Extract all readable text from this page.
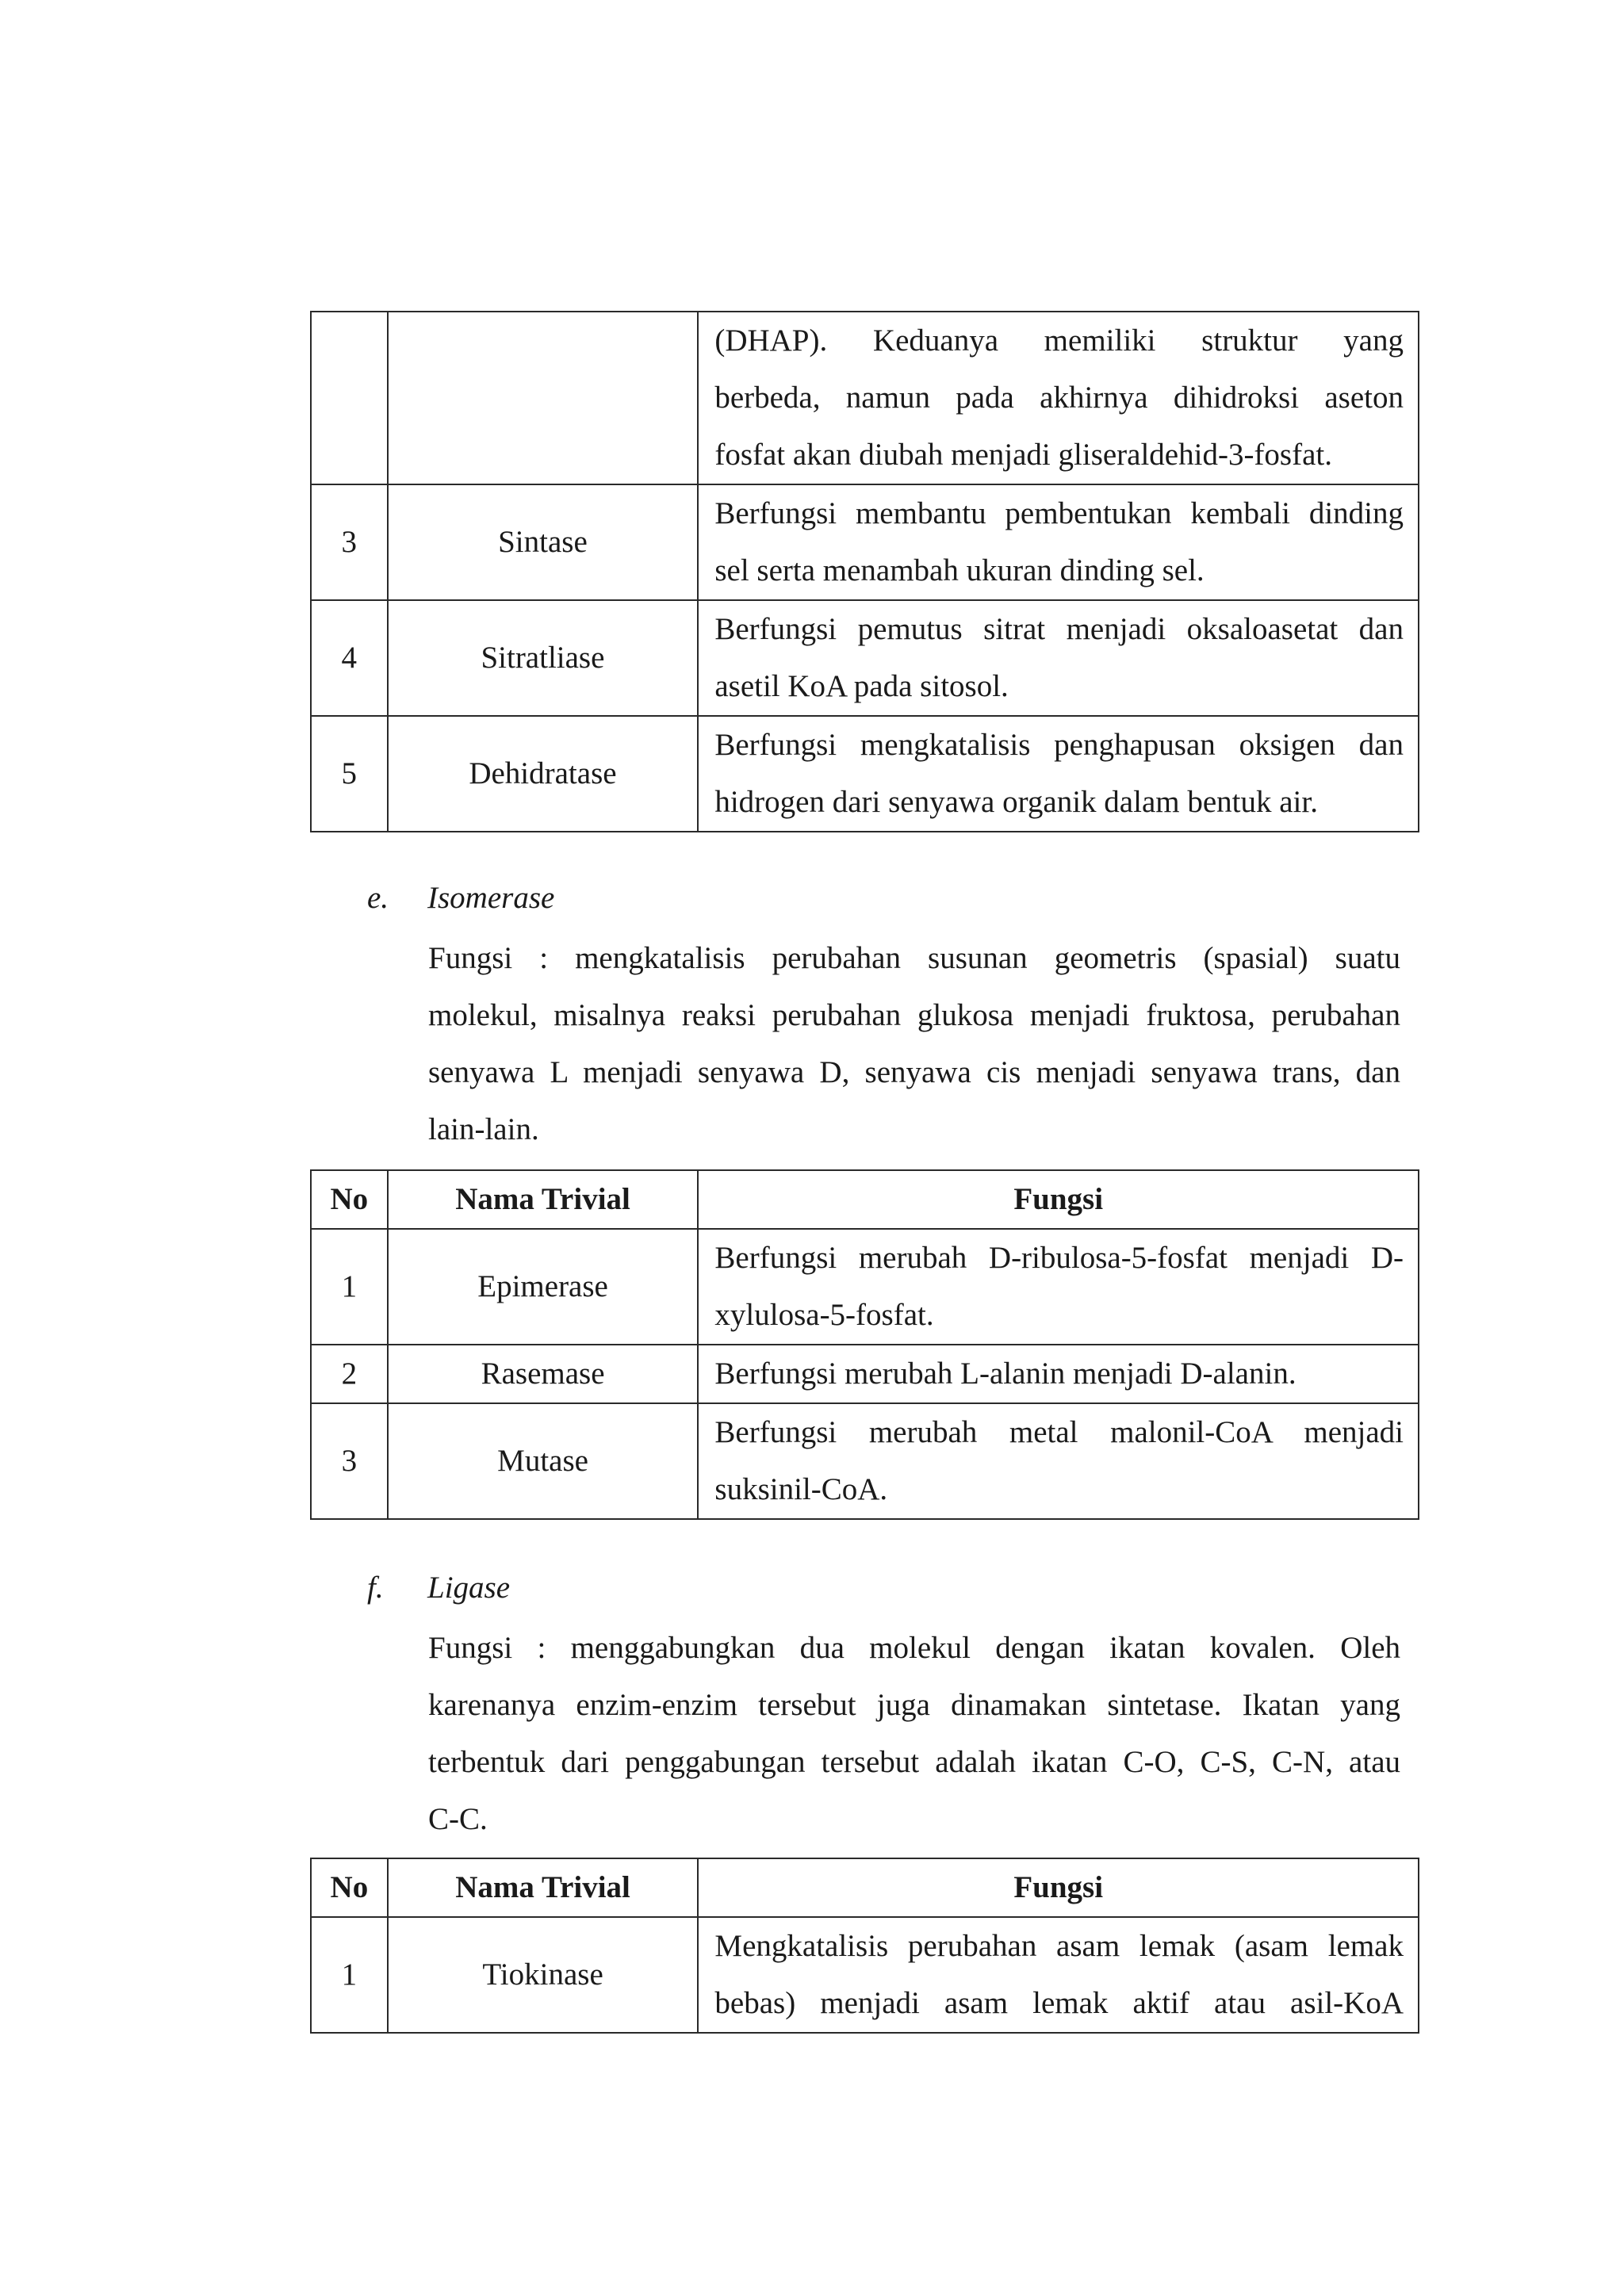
		(DHAP). Keduanya memiliki struktur yang
berbeda, namun pada akhirnya dihidroksi aseton
fosfat akan diubah menjadi gliseraldehid-3-fosfat.

3	Sintase	Berfungsi membantu pembentukan kembali dinding
sel serta menambah ukuran dinding sel.

4	Sitratliase	Berfungsi pemutus sitrat menjadi oksaloasetat dan
asetil KoA pada sitosol.

5	Dehidratase	Berfungsi mengkatalisis penghapusan oksigen dan
hidrogen dari senyawa organik dalam bentuk air.
e.	Isomerase
Fungsi : mengkatalisis perubahan susunan geometris (spasial) suatu
molekul, misalnya reaksi perubahan glukosa menjadi fruktosa, perubahan
senyawa L menjadi senyawa D, senyawa cis menjadi senyawa trans, dan
lain-lain.
No	Nama Trivial	Fungsi
1	Epimerase	Berfungsi merubah D-ribulosa-5-fosfat menjadi D-
xylulosa-5-fosfat.

2	Rasemase	Berfungsi merubah L-alanin menjadi D-alanin.

3	Mutase	Berfungsi merubah metal malonil-CoA menjadi
suksinil-CoA.
f.	Ligase
Fungsi : menggabungkan dua molekul dengan ikatan kovalen. Oleh
karenanya enzim-enzim tersebut juga dinamakan sintetase. Ikatan yang
terbentuk dari penggabungan tersebut adalah ikatan C-O, C-S, C-N, atau
C-C.
No	Nama Trivial	Fungsi
1	Tiokinase	Mengkatalisis perubahan asam lemak (asam lemak
bebas) menjadi asam lemak aktif atau asil-KoA
